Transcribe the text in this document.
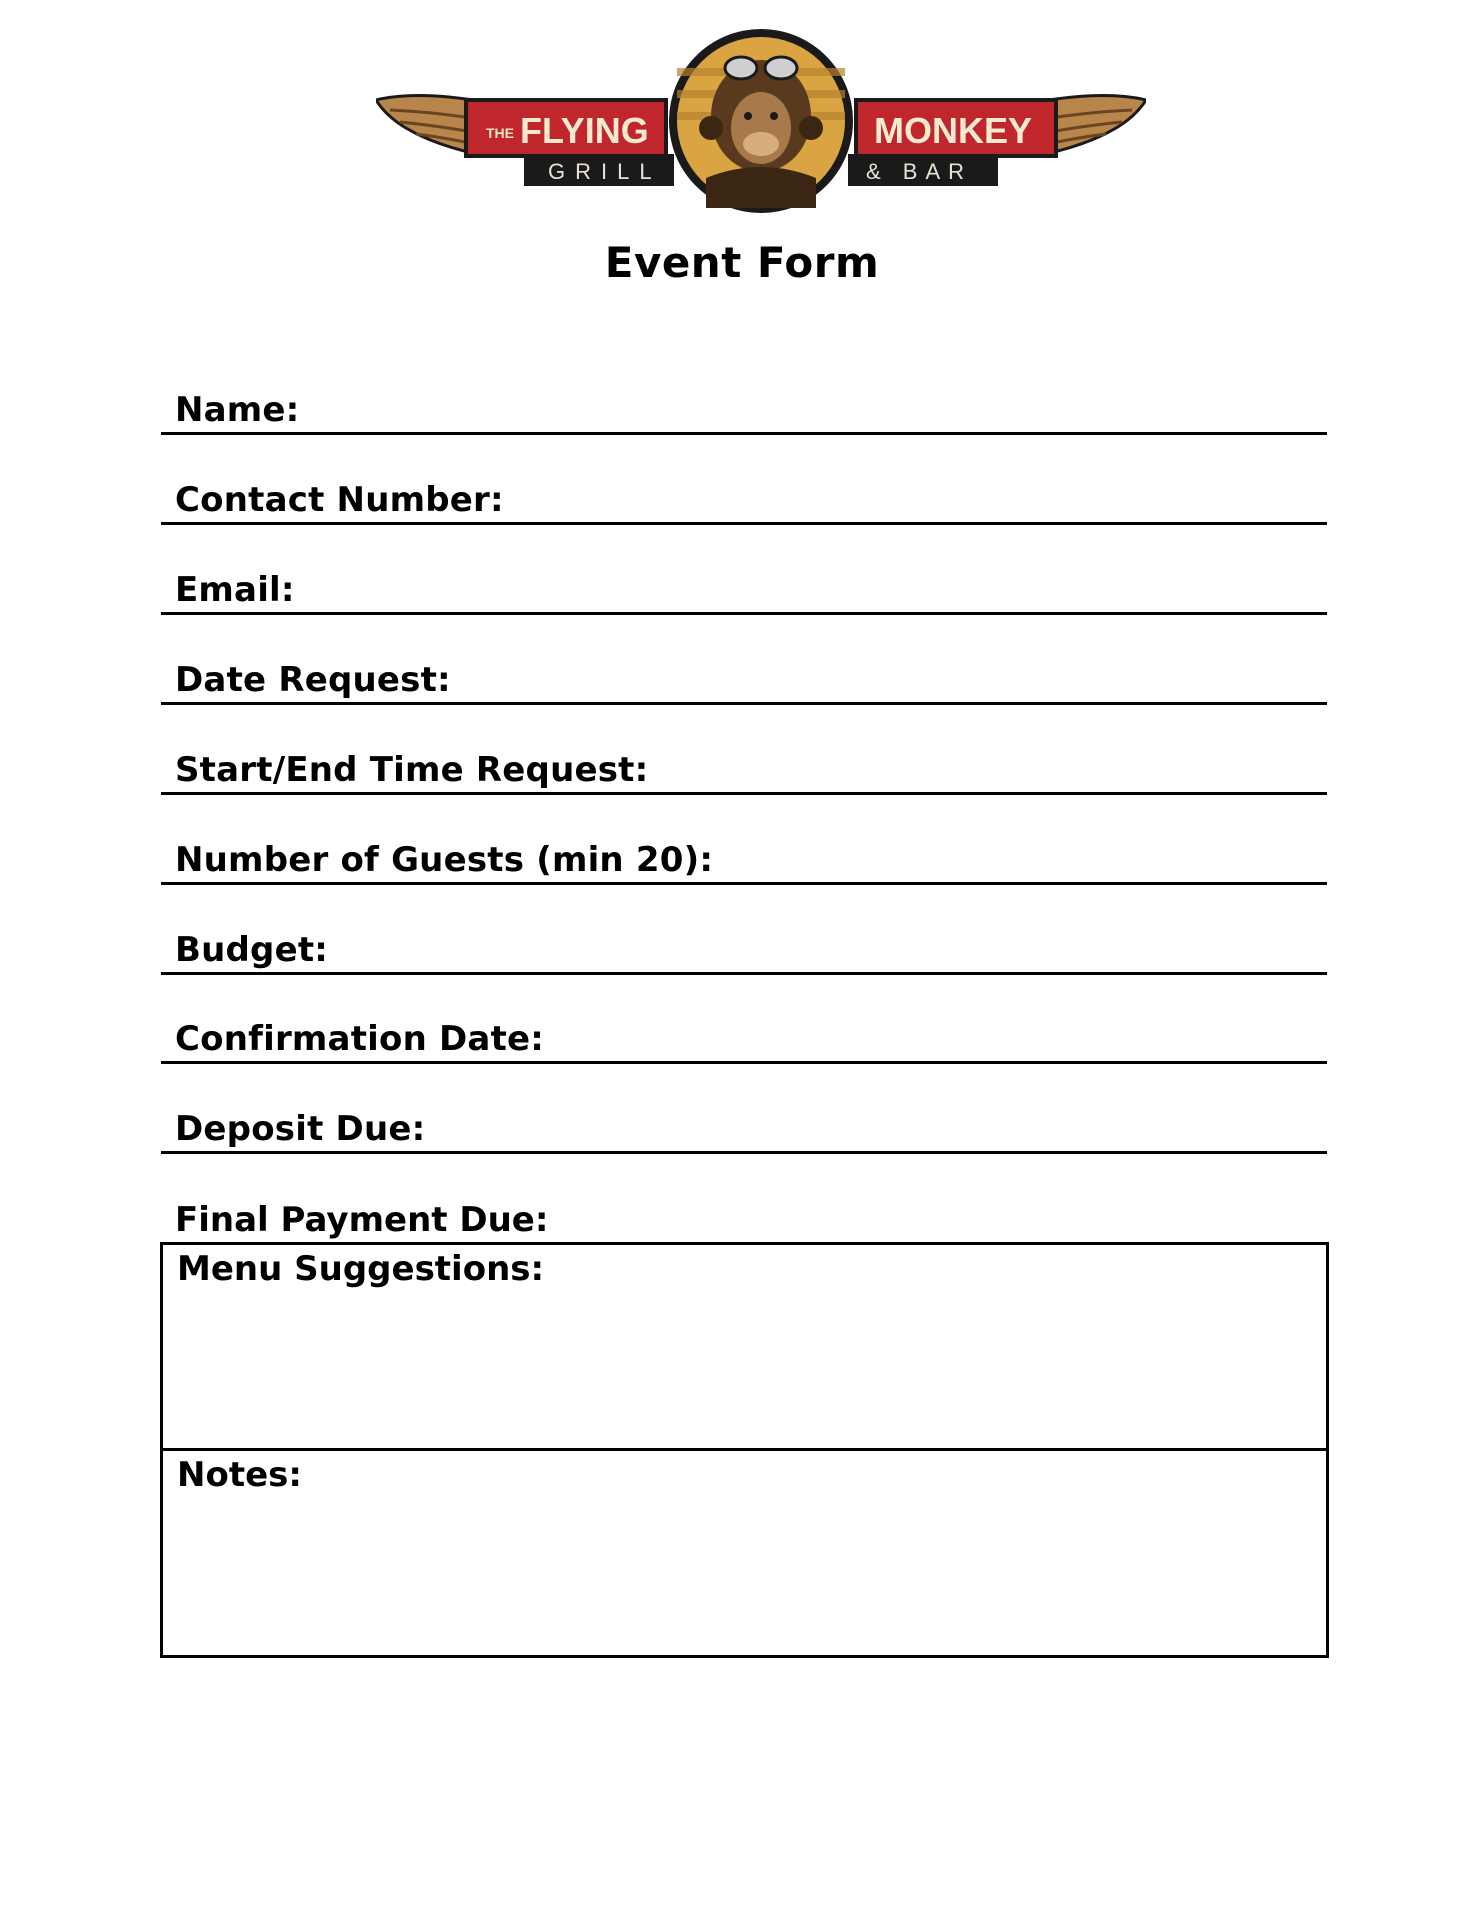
THE FLYING	MONKEY
GRILL	& BAR
Event Form
Name:
Contact Number:
Email:
Date Request:
Start/End Time Request:
Number of Guests (min 20):
Budget:
Confirmation Date:
Deposit Due:
Final Payment Due:
Menu Suggestions:
Notes:
